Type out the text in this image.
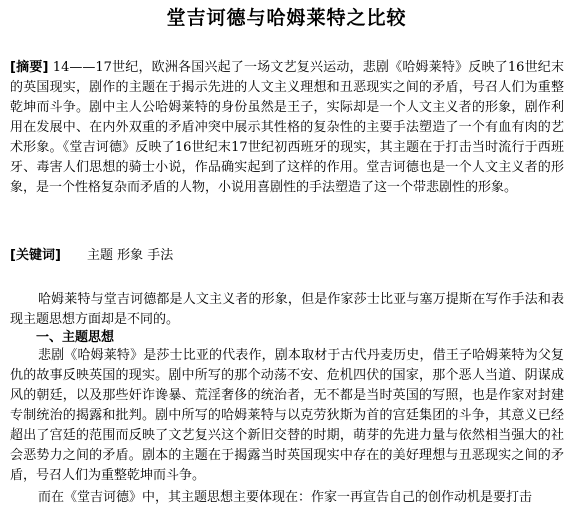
堂吉诃德与哈姆莱特之比较
[摘要] 14——17世纪，欧洲各国兴起了一场文艺复兴运动，悲剧《哈姆莱特》反映了16世纪末的英国现实，剧作的主题在于揭示先进的人文主义理想和丑恶现实之间的矛盾，号召人们为重整乾坤而斗争。剧中主人公哈姆莱特的身份虽然是王子，实际却是一个人文主义者的形象，剧作利用在发展中、在内外双重的矛盾冲突中展示其性格的复杂性的主要手法塑造了一个有血有肉的艺术形象。《堂吉诃德》反映了16世纪末17世纪初西班牙的现实，其主题在于打击当时流行于西班牙、毒害人们思想的骑士小说，作品确实起到了这样的作用。堂吉诃德也是一个人文主义者的形象，是一个性格复杂而矛盾的人物，小说用喜剧性的手法塑造了这一个带悲剧性的形象。
[关键词] 主题 形象 手法
哈姆莱特与堂吉诃德都是人文主义者的形象，但是作家莎士比亚与塞万提斯在写作手法和表现主题思想方面却是不同的。
一、主题思想
悲剧《哈姆莱特》是莎士比亚的代表作，剧本取材于古代丹麦历史，借王子哈姆莱特为父复仇的故事反映英国的现实。剧中所写的那个动荡不安、危机四伏的国家，那个恶人当道、阴谋成风的朝廷，以及那些奸诈谗暴、荒淫奢侈的统治者，无不都是当时英国的写照，也是作家对封建专制统治的揭露和批判。剧中所写的哈姆莱特与以克劳狄斯为首的宫廷集团的斗争，其意义已经超出了宫廷的范围而反映了文艺复兴这个新旧交替的时期，萌芽的先进力量与依然相当强大的社会恶势力之间的矛盾。剧本的主题在于揭露当时英国现实中存在的美好理想与丑恶现实之间的矛盾，号召人们为重整乾坤而斗争。
而在《堂吉诃德》中，其主题思想主要体现在：作家一再宣告自己的创作动机是要打击
